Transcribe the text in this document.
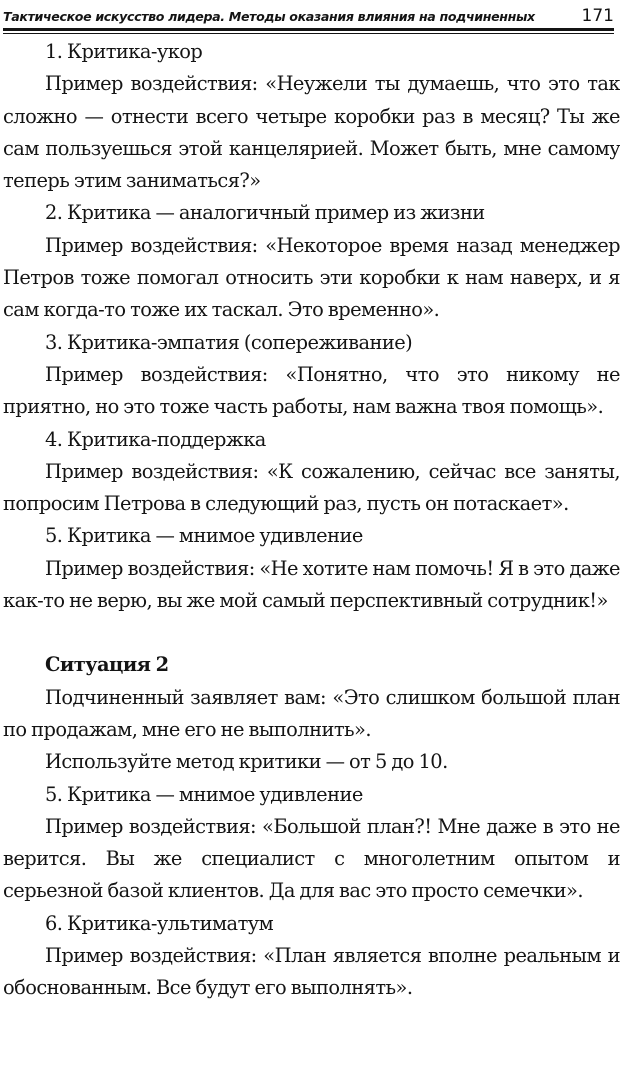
Тактическое искусство лидера. Методы оказания влияния на подчиненных	171

1. Критика-укор

Пример воздействия: «Неужели ты думаешь, что это так сложно — отнести всего четыре коробки раз в месяц? Ты же сам пользуешься этой канцелярией. Может быть, мне самому теперь этим заниматься?»

2. Критика — аналогичный пример из жизни

Пример воздействия: «Некоторое время назад менеджер Петров тоже помогал относить эти коробки к нам наверх, и я сам когда-то тоже их таскал. Это временно».

3. Критика-эмпатия (сопереживание)

Пример воздействия: «Понятно, что это никому не приятно, но это тоже часть работы, нам важна твоя помощь».

4. Критика-поддержка

Пример воздействия: «К сожалению, сейчас все заняты, попросим Петрова в следующий раз, пусть он потаскает».

5. Критика — мнимое удивление

Пример воздействия: «Не хотите нам помочь! Я в это даже как-то не верю, вы же мой самый перспективный сотрудник!»

Ситуация 2

Подчиненный заявляет вам: «Это слишком большой план по продажам, мне его не выполнить».

Используйте метод критики — от 5 до 10.

5. Критика — мнимое удивление

Пример воздействия: «Большой план?! Мне даже в это не верится. Вы же специалист с многолетним опытом и серьезной базой клиентов. Да для вас это просто семечки».

6. Критика-ультиматум

Пример воздействия: «План является вполне реальным и обоснованным. Все будут его выполнять».
